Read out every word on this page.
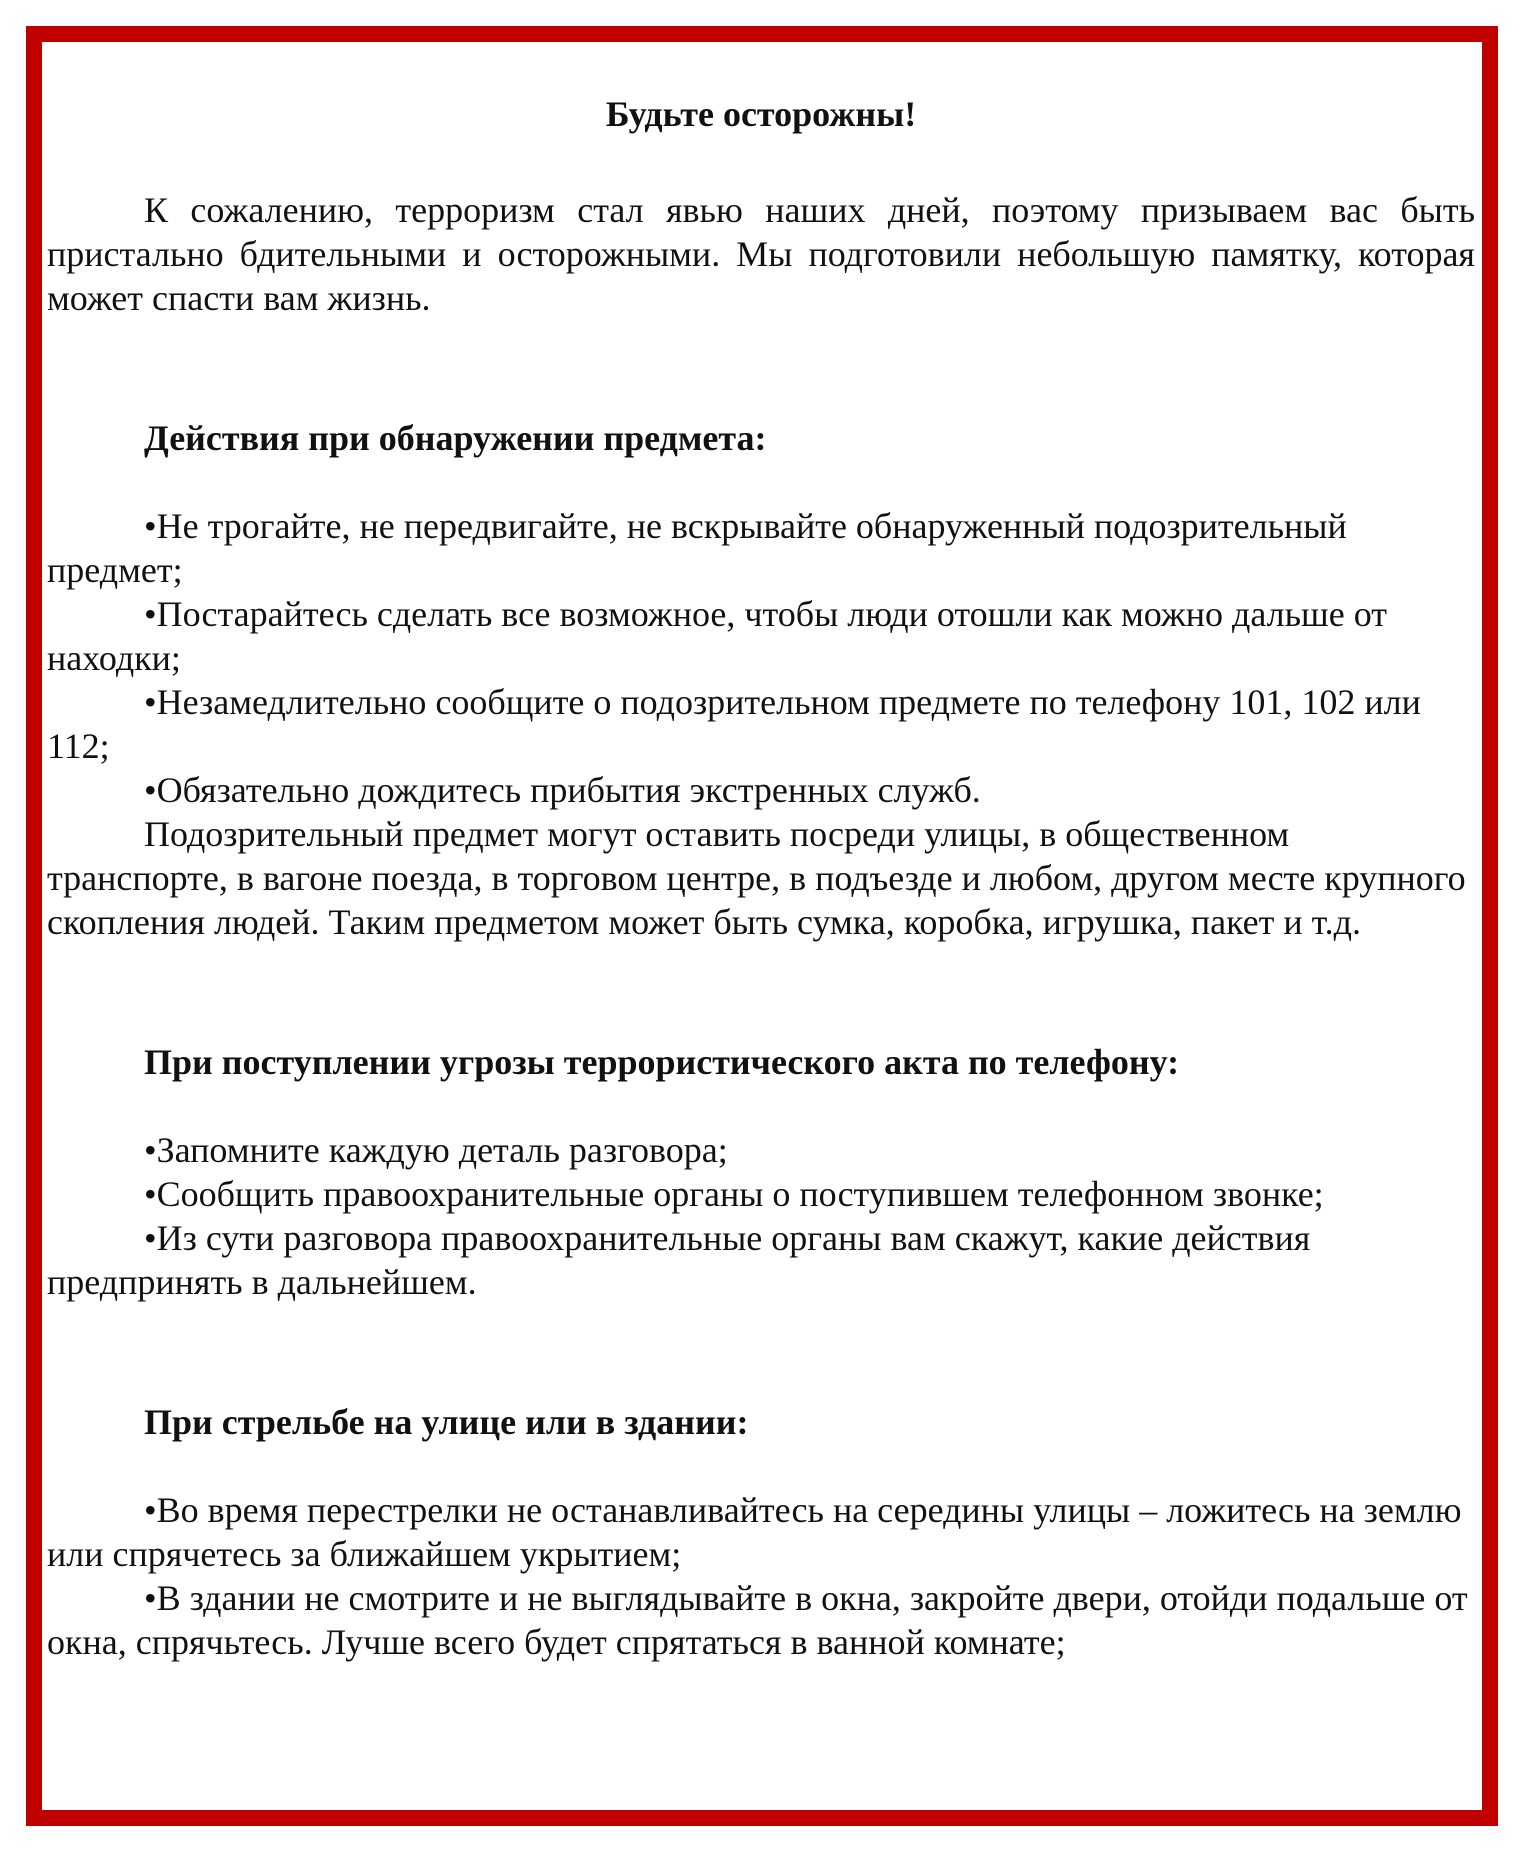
Будьте осторожны!

К сожалению, терроризм стал явью наших дней, поэтому призываем вас быть пристально бдительными и осторожными. Мы подготовили небольшую памятку, которая может спасти вам жизнь.

Действия при обнаружении предмета:

•Не трогайте, не передвигайте, не вскрывайте обнаруженный подозрительный предмет;

•Постарайтесь сделать все возможное, чтобы люди отошли как можно дальше от находки;

•Незамедлительно сообщите о подозрительном предмете по телефону 101, 102 или 112;

•Обязательно дождитесь прибытия экстренных служб.

Подозрительный предмет могут оставить посреди улицы, в общественном транспорте, в вагоне поезда, в торговом центре, в подъезде и любом, другом месте крупного скопления людей. Таким предметом может быть сумка, коробка, игрушка, пакет и т.д.

При поступлении угрозы террористического акта по телефону:

•Запомните каждую деталь разговора;

•Сообщить правоохранительные органы о поступившем телефонном звонке;

•Из сути разговора правоохранительные органы вам скажут, какие действия предпринять в дальнейшем.

При стрельбе на улице или в здании:

•Во время перестрелки не останавливайтесь на середины улицы – ложитесь на землю или спрячетесь за ближайшем укрытием;

•В здании не смотрите и не выглядывайте в окна, закройте двери, отойди подальше от окна, спрячьтесь. Лучше всего будет спрятаться в ванной комнате;
